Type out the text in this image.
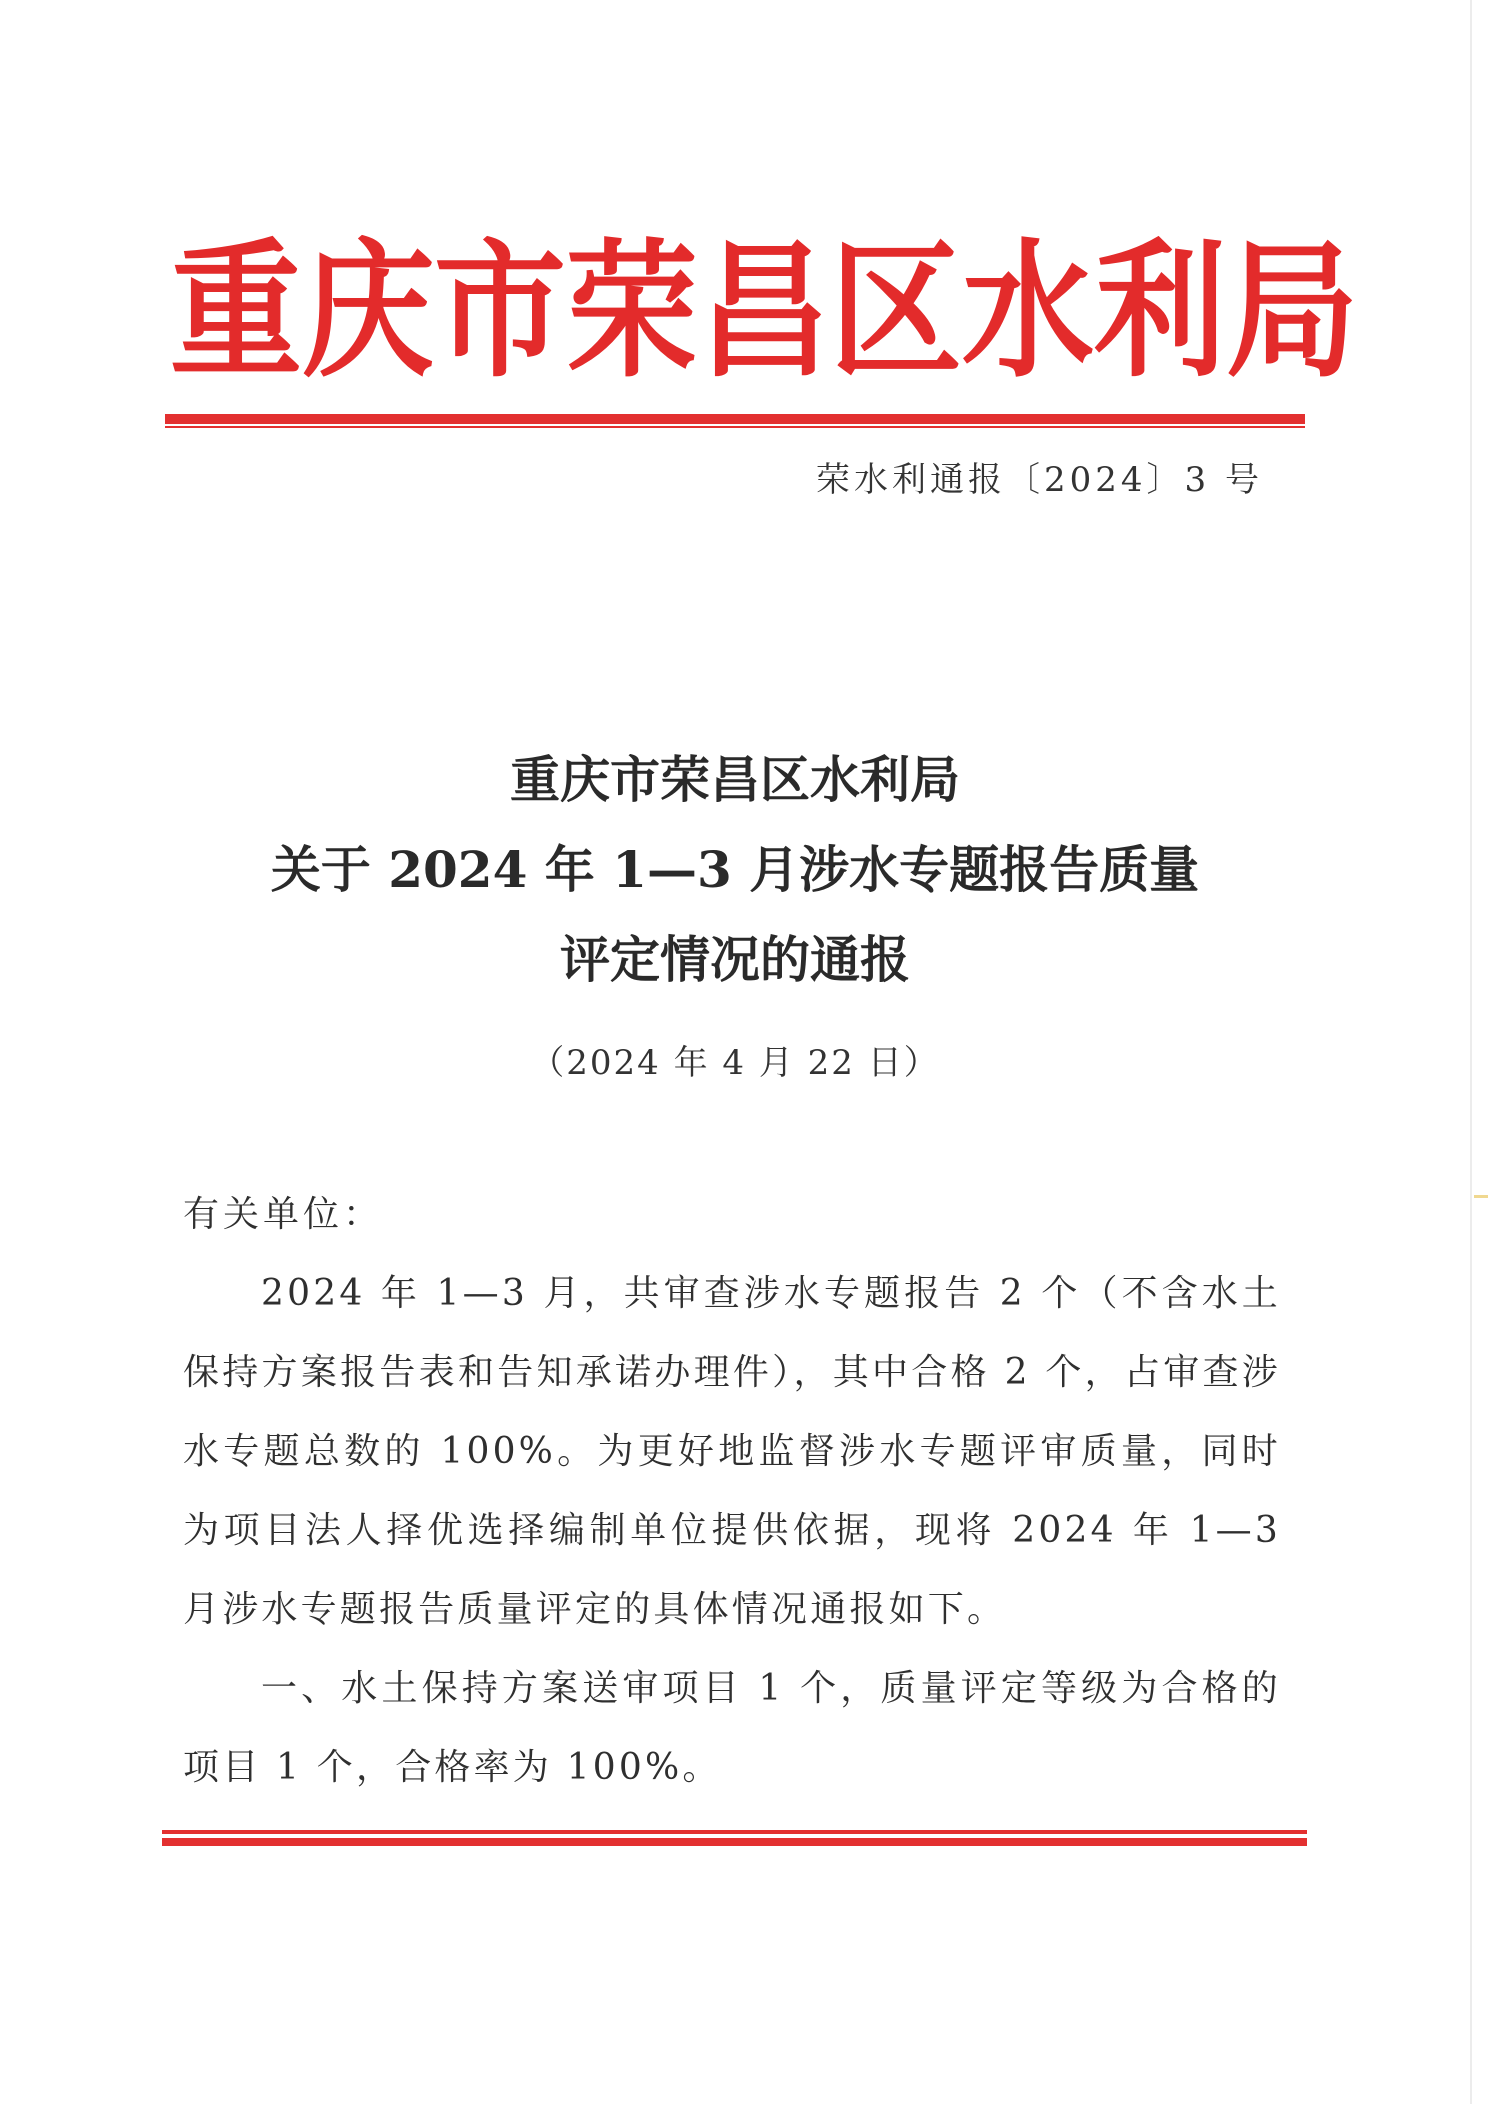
重 庆 市 荣 昌 区 水 利 局
荣水利通报〔2024〕3 号
重庆市荣昌区水利局
关于 2024 年 1—3 月涉水专题报告质量
评定情况的通报
（2024 年 4 月 22 日）
有关单位：
2024 年 1—3 月，共审查涉水专题报告 2 个（不含水土保持方案报告表和告知承诺办理件），其中合格 2 个，占审查涉水专题总数的 100%。为更好地监督涉水专题评审质量，同时为项目法人择优选择编制单位提供依据，现将 2024 年 1—3 月涉水专题报告质量评定的具体情况通报如下。
一、水土保持方案送审项目 1 个，质量评定等级为合格的项目 1 个，合格率为 100%。
